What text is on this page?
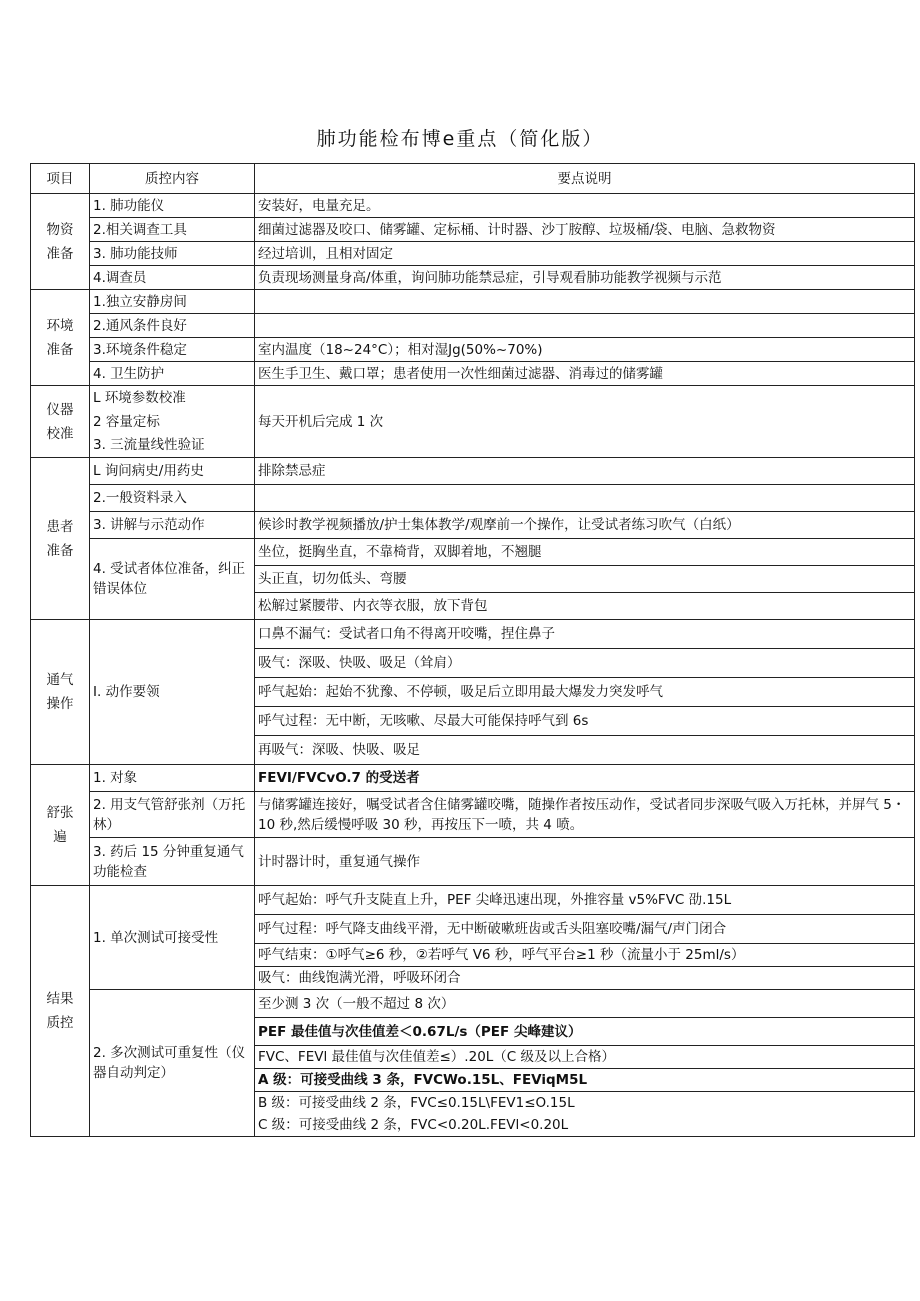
肺功能检布博e重点（简化版）
项目	质控内容	要点说明
物资
准备	1. 肺功能仪	安装好，电量充足。
	2.相关调查工具	细菌过滤器及咬口、储雾罐、定标桶、计时器、沙丁胺醇、垃圾桶/袋、电脑、急救物资
	3. 肺功能技师	经过培训，且相对固定
	4.调查员	负责现场测量身高/体重，询问肺功能禁忌症，引导观看肺功能教学视频与示范
环境
准备	1.独立安静房间	
	2.通风条件良好	
	3.环境条件稳定	室内温度（18~24°C）；相对湿Jg(50%~70%)
	4. 卫生防护	医生手卫生、戴口罩；患者使用一次性细菌过滤器、消毒过的储雾罐
仪器
校准	L 环境参数校准	每天开机后完成 1 次
	2 容量定标	
	3. 三流量线性验证	
患者
准备	L 询问病史/用药史	排除禁忌症
	2.一般资料录入	
	3. 讲解与示范动作	候诊时教学视频播放/护士集体教学/观摩前一个操作，让受试者练习吹气（白纸）
	4. 受试者体位准备，纠正错误体位	坐位，挺胸坐直，不靠椅背，双脚着地，不翘腿
		头正直，切勿低头、弯腰
		松解过紧腰带、内衣等衣服，放下背包
通气
操作	I. 动作要领	口鼻不漏气：受试者口角不得离开咬嘴，捏住鼻子
		吸气：深吸、快吸、吸足（耸肩）
		呼气起始：起始不犹豫、不停顿，吸足后立即用最大爆发力突发呼气
		呼气过程：无中断，无咳嗽、尽最大可能保持呼气到 6s
		再吸气：深吸、快吸、吸足
舒张
遍	1. 对象	FEVI/FVCvO.7 的受送者
	2. 用支气管舒张剂（万托林）	与储雾罐连接好，嘱受试者含住储雾罐咬嘴，随操作者按压动作，受试者同步深吸气吸入万托林，并屏气 5・10 秒,然后缓慢呼吸 30 秒，再按压下一喷，共 4 喷。
	3. 药后 15 分钟重复通气功能检查	计时器计时，重复通气操作
结果
质控	1. 单次测试可接受性	呼气起始：呼气升支陡直上升，PEF 尖峰迅速出现，外推容量 v5%FVC 劭.15L
		呼气过程：呼气降支曲线平滑，无中断破嗽班齿或舌头阻塞咬嘴/漏气/声门闭合
		呼气结束：①呼气≥6 秒，②若呼气 V6 秒，呼气平台≥1 秒（流量小于 25ml/s）
		吸气：曲线饱满光滑，呼吸环闭合
	2. 多次测试可重复性（仪器自动判定）	至少测 3 次（一般不超过 8 次）
		PEF 最佳值与次佳值差＜0.67L/s（PEF 尖峰建议）
		FVC、FEVl 最佳值与次佳值差≤）.20L（C 级及以上合格）
		A 级：可接受曲线 3 条，FVCWo.15L、FEViqM5L
		B 级：可接受曲线 2 条，FVC≤0.15L\FEV1≤O.15L
		C 级：可接受曲线 2 条，FVC<0.20L.FEVl<0.20L
